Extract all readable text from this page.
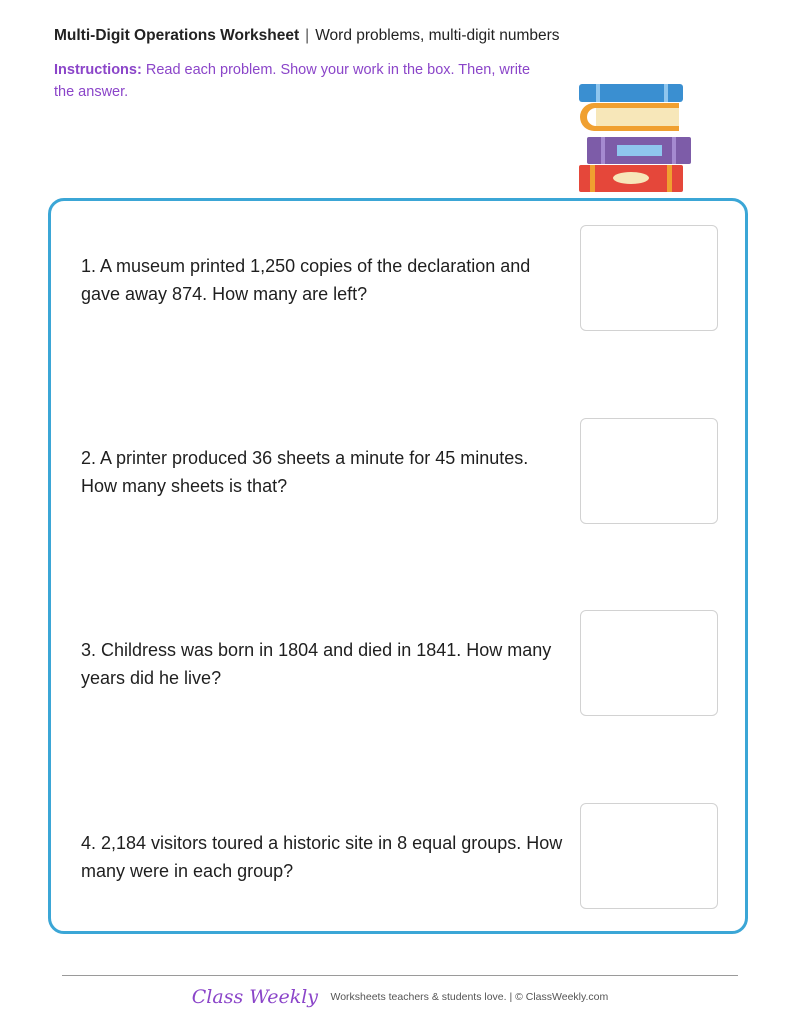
Multi-Digit Operations Worksheet | Word problems, multi-digit numbers
Instructions: Read each problem. Show your work in the box. Then, write the answer.
1. A museum printed 1,250 copies of the declaration and gave away 874. How many are left?
2. A printer produced 36 sheets a minute for 45 minutes. How many sheets is that?
3. Childress was born in 1804 and died in 1841. How many years did he live?
4. 2,184 visitors toured a historic site in 8 equal groups. How many were in each group?
Class Weekly Worksheets teachers & students love. | © ClassWeekly.com
